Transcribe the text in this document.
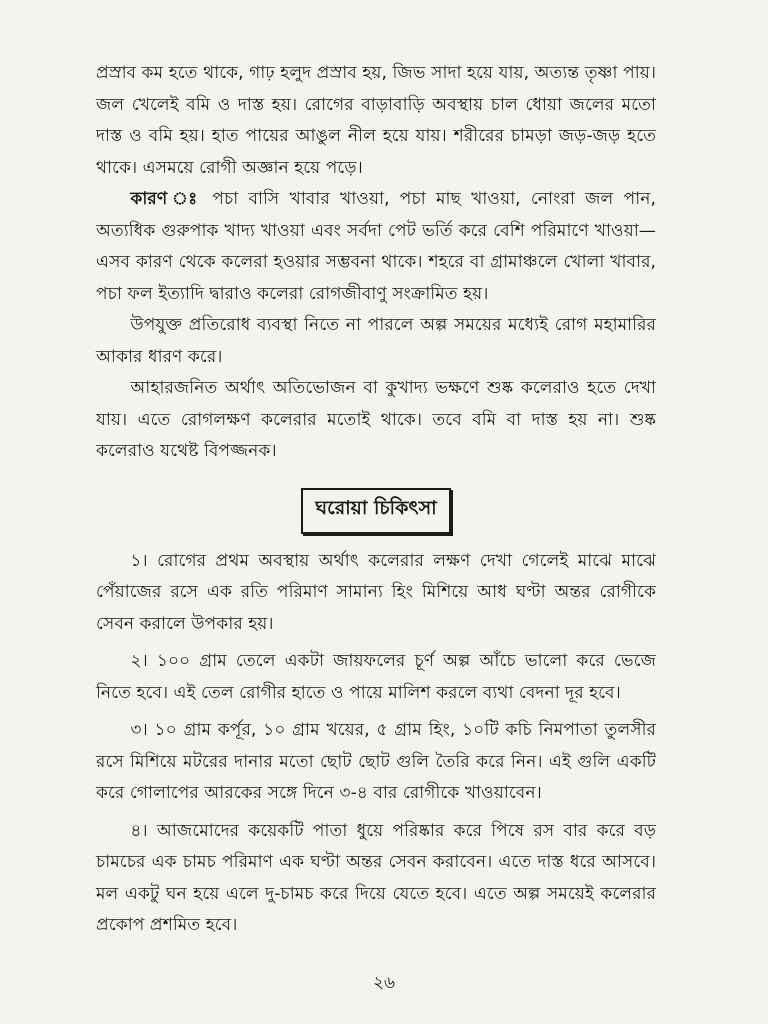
প্রস্রাব কম হতে থাকে, গাঢ় হলুদ প্রস্রাব হয়, জিভ সাদা হয়ে যায়, অত্যন্ত তৃষ্ণা পায়। জল খেলেই বমি ও দাস্ত হয়। রোগের বাড়াবাড়ি অবস্থায় চাল ধোয়া জলের মতো দাস্ত ও বমি হয়। হাত পায়ের আঙুল নীল হয়ে যায়। শরীরের চামড়া জড়-জড় হতে থাকে। এসময়ে রোগী অজ্ঞান হয়ে পড়ে।

কারণ ঃ পচা বাসি খাবার খাওয়া, পচা মাছ খাওয়া, নোংরা জল পান, অত্যধিক গুরুপাক খাদ্য খাওয়া এবং সর্বদা পেট ভর্তি করে বেশি পরিমাণে খাওয়া—এসব কারণ থেকে কলেরা হওয়ার সম্ভবনা থাকে। শহরে বা গ্রামাঞ্চলে খোলা খাবার, পচা ফল ইত্যাদি দ্বারাও কলেরা রোগজীবাণু সংক্রামিত হয়।

উপযুক্ত প্রতিরোধ ব্যবস্থা নিতে না পারলে অল্প সময়ের মধ্যেই রোগ মহামারির আকার ধারণ করে।

আহারজনিত অর্থাৎ অতিভোজন বা কুখাদ্য ভক্ষণে শুষ্ক কলেরাও হতে দেখা যায়। এতে রোগলক্ষণ কলেরার মতোই থাকে। তবে বমি বা দাস্ত হয় না। শুষ্ক কলেরাও যথেষ্ট বিপজ্জনক।

ঘরোয়া চিকিৎসা

১। রোগের প্রথম অবস্থায় অর্থাৎ কলেরার লক্ষণ দেখা গেলেই মাঝে মাঝে পেঁয়াজের রসে এক রতি পরিমাণ সামান্য হিং মিশিয়ে আধ ঘণ্টা অন্তর রোগীকে সেবন করালে উপকার হয়।

২। ১০০ গ্রাম তেলে একটা জায়ফলের চূর্ণ অল্প আঁচে ভালো করে ভেজে নিতে হবে। এই তেল রোগীর হাতে ও পায়ে মালিশ করলে ব্যথা বেদনা দূর হবে।

৩। ১০ গ্রাম কর্পূর, ১০ গ্রাম খয়ের, ৫ গ্রাম হিং, ১০টি কচি নিমপাতা তুলসীর রসে মিশিয়ে মটরের দানার মতো ছোট ছোট গুলি তৈরি করে নিন। এই গুলি একটি করে গোলাপের আরকের সঙ্গে দিনে ৩-৪ বার রোগীকে খাওয়াবেন।

৪। আজমোদের কয়েকটি পাতা ধুয়ে পরিষ্কার করে পিষে রস বার করে বড় চামচের এক চামচ পরিমাণ এক ঘণ্টা অন্তর সেবন করাবেন। এতে দাস্ত ধরে আসবে। মল একটু ঘন হয়ে এলে দু-চামচ করে দিয়ে যেতে হবে। এতে অল্প সময়েই কলেরার প্রকোপ প্রশমিত হবে।

২৬
